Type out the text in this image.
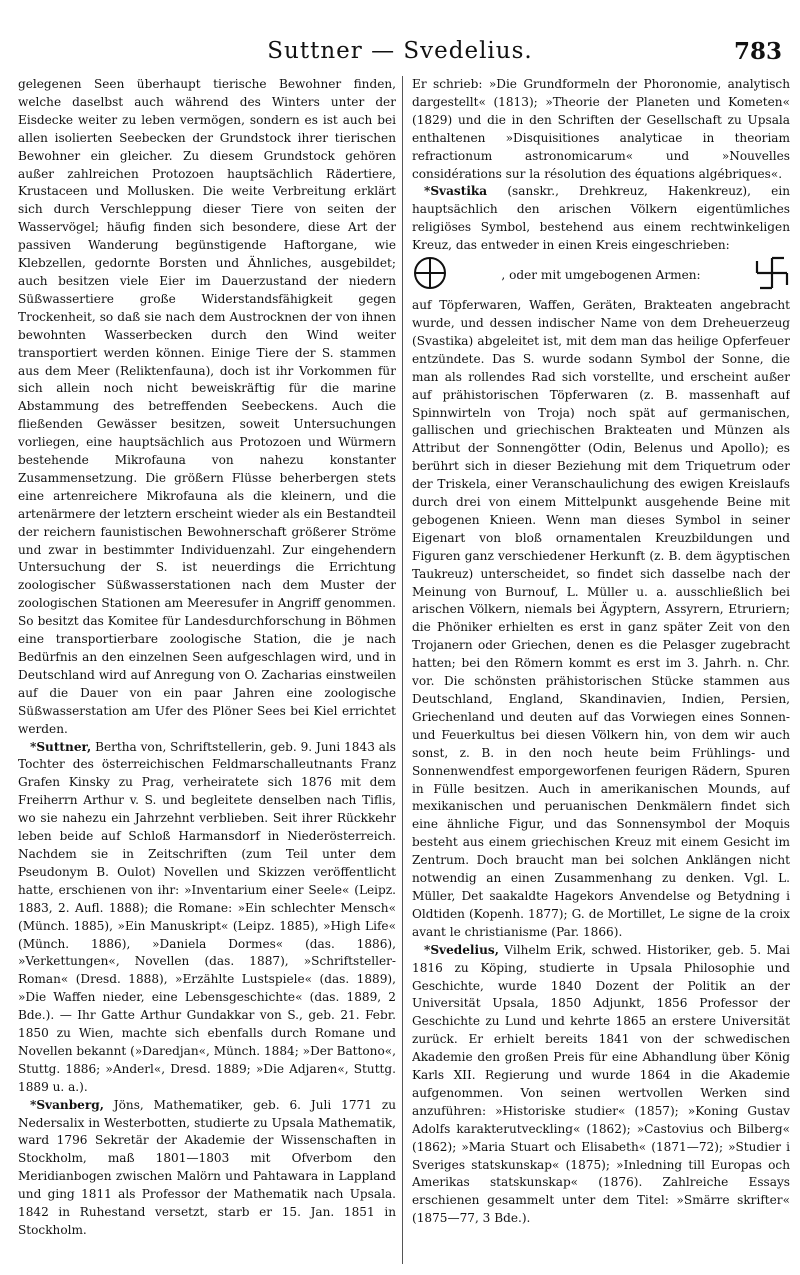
Suttner — Svedelius.	783

gelegenen Seen überhaupt tierische Bewohner finden, welche daselbst auch während des Winters unter der Eisdecke weiter zu leben vermögen, sondern es ist auch bei allen isolierten Seebecken der Grundstock ihrer tierischen Bewohner ein gleicher. Zu diesem Grundstock gehören außer zahlreichen Protozoen hauptsächlich Rädertiere, Krustaceen und Mollusken. Die weite Verbreitung erklärt sich durch Verschleppung dieser Tiere von seiten der Wasservögel; häufig finden sich besondere, diese Art der passiven Wanderung begünstigende Haftorgane, wie Klebzellen, gedornte Borsten und Ähnliches, ausgebildet; auch besitzen viele Eier im Dauerzustand der niedern Süßwassertiere große Widerstandsfähigkeit gegen Trockenheit, so daß sie nach dem Austrocknen der von ihnen bewohnten Wasserbecken durch den Wind weiter transportiert werden können. Einige Tiere der S. stammen aus dem Meer (Reliktenfauna), doch ist ihr Vorkommen für sich allein noch nicht beweiskräftig für die marine Abstammung des betreffenden Seebeckens. Auch die fließenden Gewässer besitzen, soweit Untersuchungen vorliegen, eine hauptsächlich aus Protozoen und Würmern bestehende Mikrofauna von nahezu konstanter Zusammensetzung. Die größern Flüsse beherbergen stets eine artenreichere Mikrofauna als die kleinern, und die artenärmere der letztern erscheint wieder als ein Bestandteil der reichern faunistischen Bewohnerschaft größerer Ströme und zwar in bestimmter Individuenzahl. Zur eingehendern Untersuchung der S. ist neuerdings die Errichtung zoologischer Süßwasserstationen nach dem Muster der zoologischen Stationen am Meeresufer in Angriff genommen. So besitzt das Komitee für Landesdurchforschung in Böhmen eine transportierbare zoologische Station, die je nach Bedürfnis an den einzelnen Seen aufgeschlagen wird, und in Deutschland wird auf Anregung von O. Zacharias einstweilen auf die Dauer von ein paar Jahren eine zoologische Süßwasserstation am Ufer des Plöner Sees bei Kiel errichtet werden.

*Suttner, Bertha von, Schriftstellerin, geb. 9. Juni 1843 als Tochter des österreichischen Feldmarschalleutnants Franz Grafen Kinsky zu Prag, verheiratete sich 1876 mit dem Freiherrn Arthur v. S. und begleitete denselben nach Tiflis, wo sie nahezu ein Jahrzehnt verblieben. Seit ihrer Rückkehr leben beide auf Schloß Harmansdorf in Niederösterreich. Nachdem sie in Zeitschriften (zum Teil unter dem Pseudonym B. Oulot) Novellen und Skizzen veröffentlicht hatte, erschienen von ihr: »Inventarium einer Seele« (Leipz. 1883, 2. Aufl. 1888); die Romane: »Ein schlechter Mensch« (Münch. 1885), »Ein Manuskript« (Leipz. 1885), »High Life« (Münch. 1886), »Daniela Dormes« (das. 1886), »Verkettungen«, Novellen (das. 1887), »Schriftsteller-Roman« (Dresd. 1888), »Erzählte Lustspiele« (das. 1889), »Die Waffen nieder, eine Lebensgeschichte« (das. 1889, 2 Bde.). — Ihr Gatte Arthur Gundakkar von S., geb. 21. Febr. 1850 zu Wien, machte sich ebenfalls durch Romane und Novellen bekannt (»Daredjan«, Münch. 1884; »Der Battono«, Stuttg. 1886; »Anderl«, Dresd. 1889; »Die Adjaren«, Stuttg. 1889 u. a.).

*Svanberg, Jöns, Mathematiker, geb. 6. Juli 1771 zu Nedersalix in Westerbotten, studierte zu Upsala Mathematik, ward 1796 Sekretär der Akademie der Wissenschaften in Stockholm, maß 1801—1803 mit Ofverbom den Meridianbogen zwischen Malörn und Pahtawara in Lappland und ging 1811 als Professor der Mathematik nach Upsala. 1842 in Ruhestand versetzt, starb er 15. Jan. 1851 in Stockholm.

Er schrieb: »Die Grundformeln der Phoronomie, analytisch dargestellt« (1813); »Theorie der Planeten und Kometen« (1829) und die in den Schriften der Gesellschaft zu Upsala enthaltenen »Disquisitiones analyticae in theoriam refractionum astronomicarum« und »Nouvelles considérations sur la résolution des équations algébriques«.

*Svastika (sanskr., Drehkreuz, Hakenkreuz), ein hauptsächlich den arischen Völkern eigentümliches religiöses Symbol, bestehend aus einem rechtwinkeligen Kreuz, das entweder in einen Kreis eingeschrieben:

, oder mit umgebogenen Armen:

auf Töpferwaren, Waffen, Geräten, Brakteaten angebracht wurde, und dessen indischer Name von dem Dreheuerzeug (Svastika) abgeleitet ist, mit dem man das heilige Opferfeuer entzündete. Das S. wurde sodann Symbol der Sonne, die man als rollendes Rad sich vorstellte, und erscheint außer auf prähistorischen Töpferwaren (z. B. massenhaft auf Spinnwirteln von Troja) noch spät auf germanischen, gallischen und griechischen Brakteaten und Münzen als Attribut der Sonnengötter (Odin, Belenus und Apollo); es berührt sich in dieser Beziehung mit dem Triquetrum oder der Triskela, einer Veranschaulichung des ewigen Kreislaufs durch drei von einem Mittelpunkt ausgehende Beine mit gebogenen Knieen. Wenn man dieses Symbol in seiner Eigenart von bloß ornamentalen Kreuzbildungen und Figuren ganz verschiedener Herkunft (z. B. dem ägyptischen Taukreuz) unterscheidet, so findet sich dasselbe nach der Meinung von Burnouf, L. Müller u. a. ausschließlich bei arischen Völkern, niemals bei Ägyptern, Assyrern, Etruriern; die Phöniker erhielten es erst in ganz später Zeit von den Trojanern oder Griechen, denen es die Pelasger zugebracht hatten; bei den Römern kommt es erst im 3. Jahrh. n. Chr. vor. Die schönsten prähistorischen Stücke stammen aus Deutschland, England, Skandinavien, Indien, Persien, Griechenland und deuten auf das Vorwiegen eines Sonnen- und Feuerkultus bei diesen Völkern hin, von dem wir auch sonst, z. B. in den noch heute beim Frühlings- und Sonnenwendfest emporgeworfenen feurigen Rädern, Spuren in Fülle besitzen. Auch in amerikanischen Mounds, auf mexikanischen und peruanischen Denkmälern findet sich eine ähnliche Figur, und das Sonnensymbol der Moquis besteht aus einem griechischen Kreuz mit einem Gesicht im Zentrum. Doch braucht man bei solchen Anklängen nicht notwendig an einen Zusammenhang zu denken. Vgl. L. Müller, Det saakaldte Hagekors Anvendelse og Betydning i Oldtiden (Kopenh. 1877); G. de Mortillet, Le signe de la croix avant le christianisme (Par. 1866).

*Svedelius, Vilhelm Erik, schwed. Historiker, geb. 5. Mai 1816 zu Köping, studierte in Upsala Philosophie und Geschichte, wurde 1840 Dozent der Politik an der Universität Upsala, 1850 Adjunkt, 1856 Professor der Geschichte zu Lund und kehrte 1865 an erstere Universität zurück. Er erhielt bereits 1841 von der schwedischen Akademie den großen Preis für eine Abhandlung über König Karls XII. Regierung und wurde 1864 in die Akademie aufgenommen. Von seinen wertvollen Werken sind anzuführen: »Historiske studier« (1857); »Koning Gustav Adolfs karakterutveckling« (1862); »Castovius och Bilberg« (1862); »Maria Stuart och Elisabeth« (1871—72); »Studier i Sveriges statskunskap« (1875); »Inledning till Europas och Amerikas statskunskap« (1876). Zahlreiche Essays erschienen gesammelt unter dem Titel: »Smärre skrifter« (1875—77, 3 Bde.).
